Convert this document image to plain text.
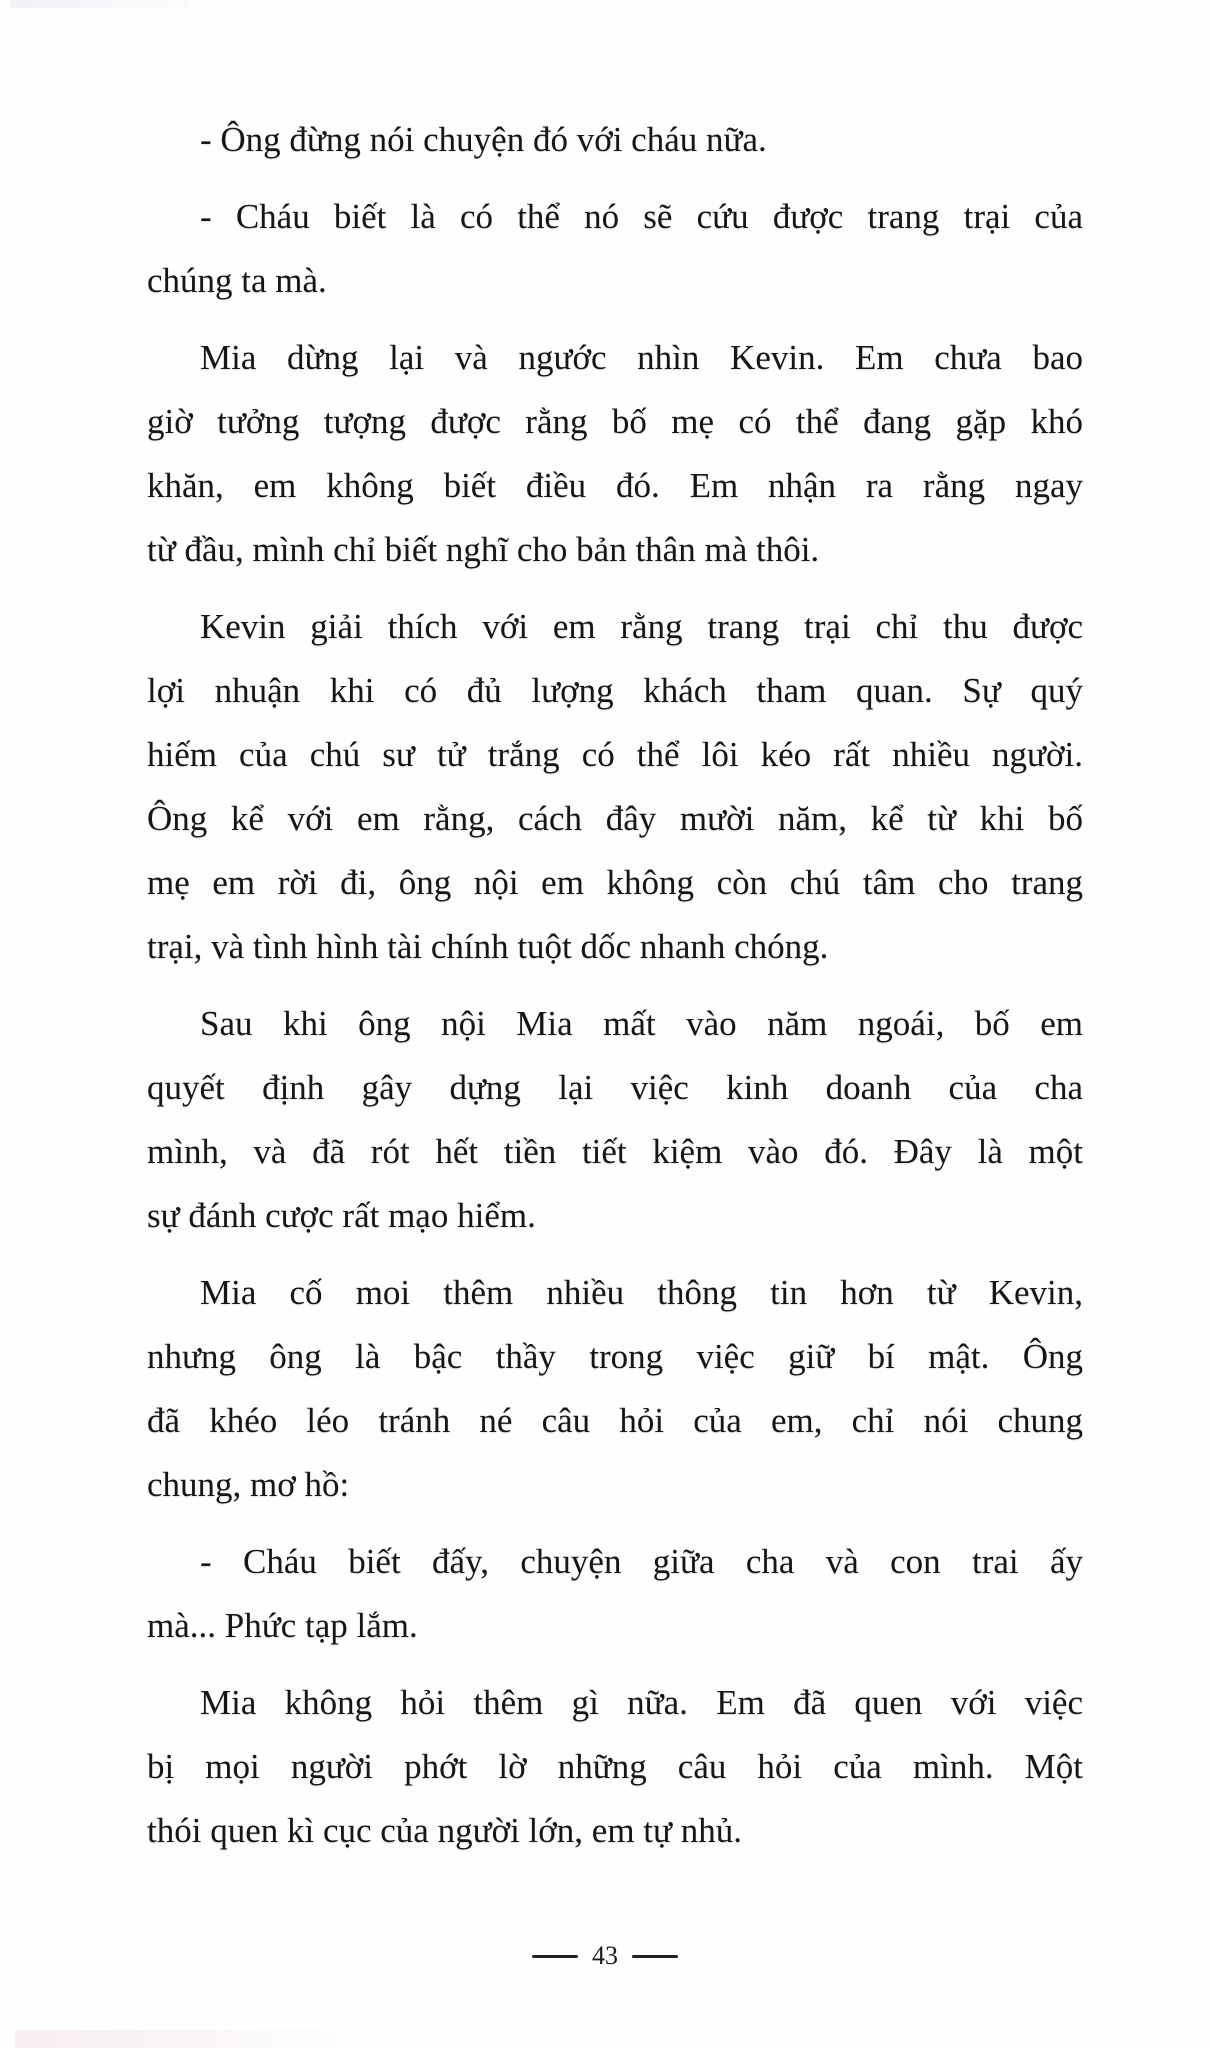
- Ông đừng nói chuyện đó với cháu nữa.

- Cháu biết là có thể nó sẽ cứu được trang trại của
chúng ta mà.

Mia dừng lại và ngước nhìn Kevin. Em chưa bao
giờ tưởng tượng được rằng bố mẹ có thể đang gặp khó
khăn, em không biết điều đó. Em nhận ra rằng ngay
từ đầu, mình chỉ biết nghĩ cho bản thân mà thôi.

Kevin giải thích với em rằng trang trại chỉ thu được
lợi nhuận khi có đủ lượng khách tham quan. Sự quý
hiếm của chú sư tử trắng có thể lôi kéo rất nhiều người.
Ông kể với em rằng, cách đây mười năm, kể từ khi bố
mẹ em rời đi, ông nội em không còn chú tâm cho trang
trại, và tình hình tài chính tuột dốc nhanh chóng.

Sau khi ông nội Mia mất vào năm ngoái, bố em
quyết định gây dựng lại việc kinh doanh của cha
mình, và đã rót hết tiền tiết kiệm vào đó. Đây là một
sự đánh cược rất mạo hiểm.

Mia cố moi thêm nhiều thông tin hơn từ Kevin,
nhưng ông là bậc thầy trong việc giữ bí mật. Ông
đã khéo léo tránh né câu hỏi của em, chỉ nói chung
chung, mơ hồ:

- Cháu biết đấy, chuyện giữa cha và con trai ấy
mà... Phức tạp lắm.

Mia không hỏi thêm gì nữa. Em đã quen với việc
bị mọi người phớt lờ những câu hỏi của mình. Một
thói quen kì cục của người lớn, em tự nhủ.

43
